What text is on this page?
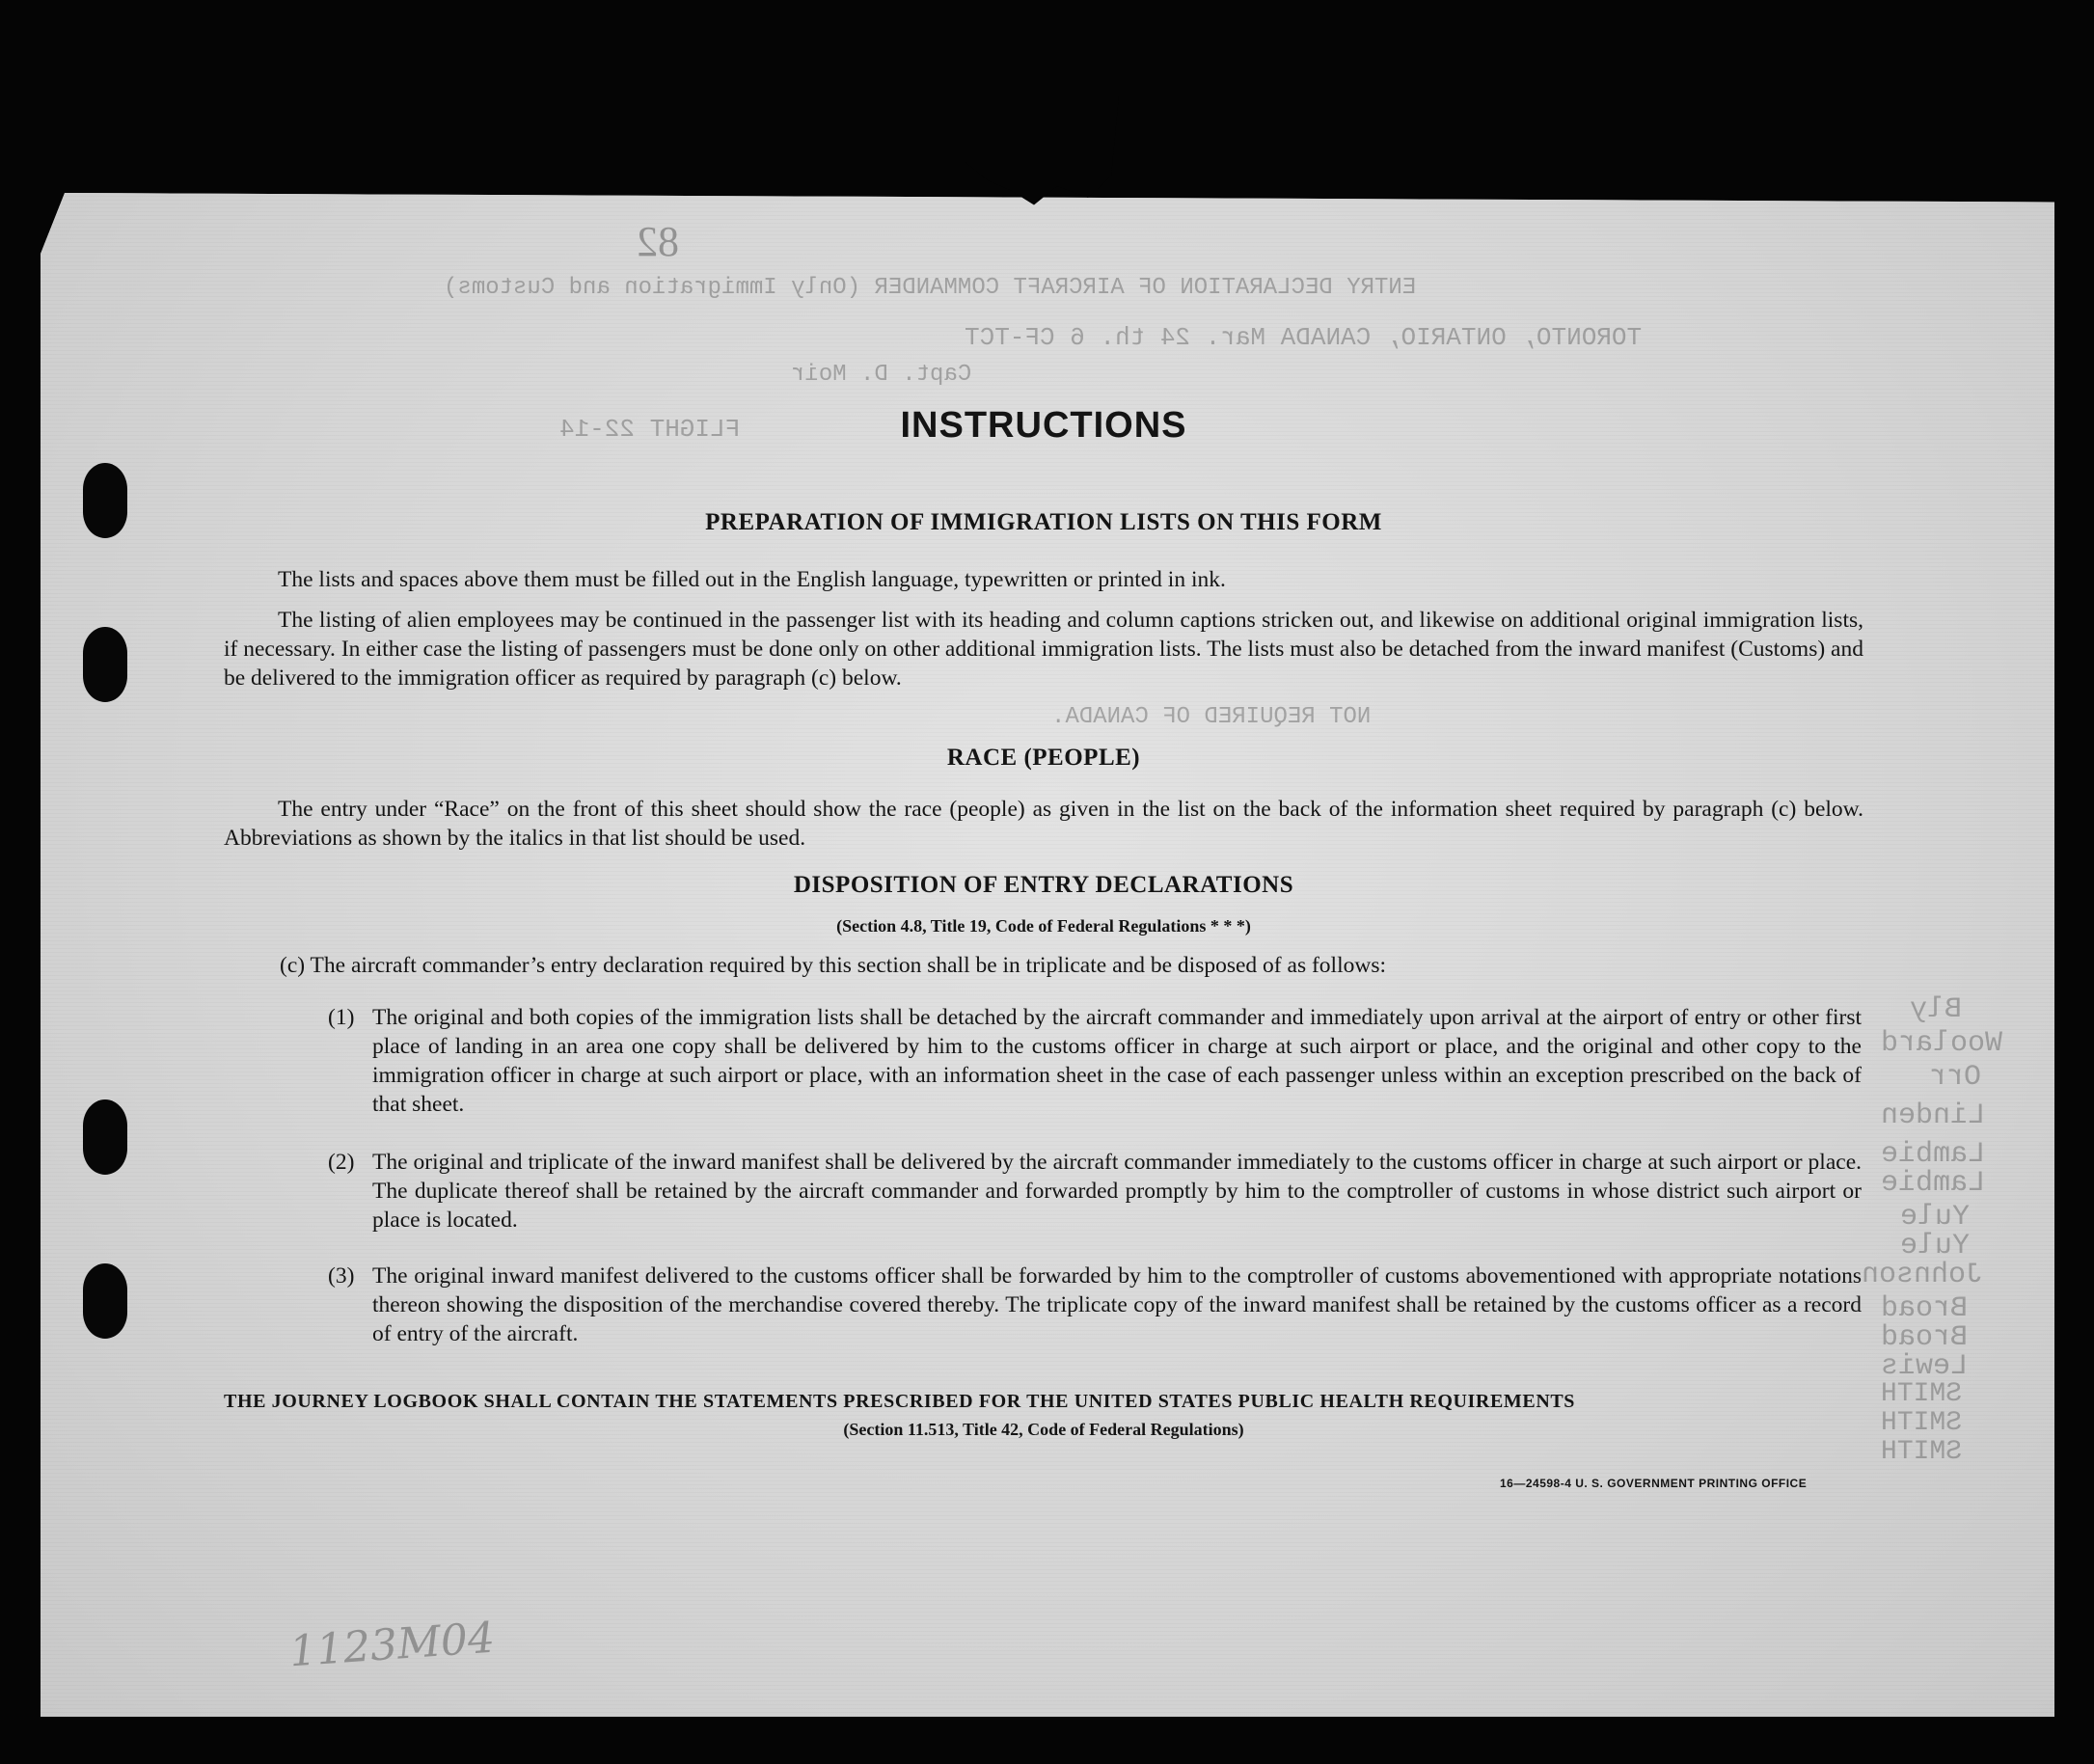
82
ENTRY DECLARATION OF AIRCRAFT COMMANDER (Only Immigration and Customs)
TORONTO, ONTARIO, CANADA Mar. 24 th. 6 CF-TCT
Capt. D. Moir
FLIGHT 22-14
NOT REQUIRED OF CANADA.
Bly
Woolard
Orr
Linden
Lambie
Lambie
Yule
Yule
Johnson
Broad
Broad
Lewis
SMITH
SMITH
SMITH
1123M04
INSTRUCTIONS
PREPARATION OF IMMIGRATION LISTS ON THIS FORM
The lists and spaces above them must be filled out in the English language, typewritten or printed in ink.
The listing of alien employees may be continued in the passenger list with its heading and column captions stricken out, and likewise on additional original immigration lists, if necessary. In either case the listing of passengers must be done only on other additional immigration lists. The lists must also be detached from the inward manifest (Customs) and be delivered to the immigration officer as required by paragraph (c) below.
RACE (PEOPLE)
The entry under “Race” on the front of this sheet should show the race (people) as given in the list on the back of the information sheet required by paragraph (c) below. Abbreviations as shown by the italics in that list should be used.
DISPOSITION OF ENTRY DECLARATIONS
(Section 4.8, Title 19, Code of Federal Regulations * * *)
(c) The aircraft commander’s entry declaration required by this section shall be in triplicate and be disposed of as follows:
(1) The original and both copies of the immigration lists shall be detached by the aircraft commander and immediately upon arrival at the airport of entry or other first place of landing in an area one copy shall be delivered by him to the customs officer in charge at such airport or place, and the original and other copy to the immigration officer in charge at such airport or place, with an information sheet in the case of each passenger unless within an exception prescribed on the back of that sheet.
(2) The original and triplicate of the inward manifest shall be delivered by the aircraft commander immediately to the customs officer in charge at such airport or place. The duplicate thereof shall be retained by the aircraft commander and forwarded promptly by him to the comptroller of customs in whose district such airport or place is located.
(3) The original inward manifest delivered to the customs officer shall be forwarded by him to the comptroller of customs abovementioned with appropriate notations thereon showing the disposition of the merchandise covered thereby. The triplicate copy of the inward manifest shall be retained by the customs officer as a record of entry of the aircraft.
THE JOURNEY LOGBOOK SHALL CONTAIN THE STATEMENTS PRESCRIBED FOR THE UNITED STATES PUBLIC HEALTH REQUIREMENTS
(Section 11.513, Title 42, Code of Federal Regulations)
16—24598-4 U. S. GOVERNMENT PRINTING OFFICE
